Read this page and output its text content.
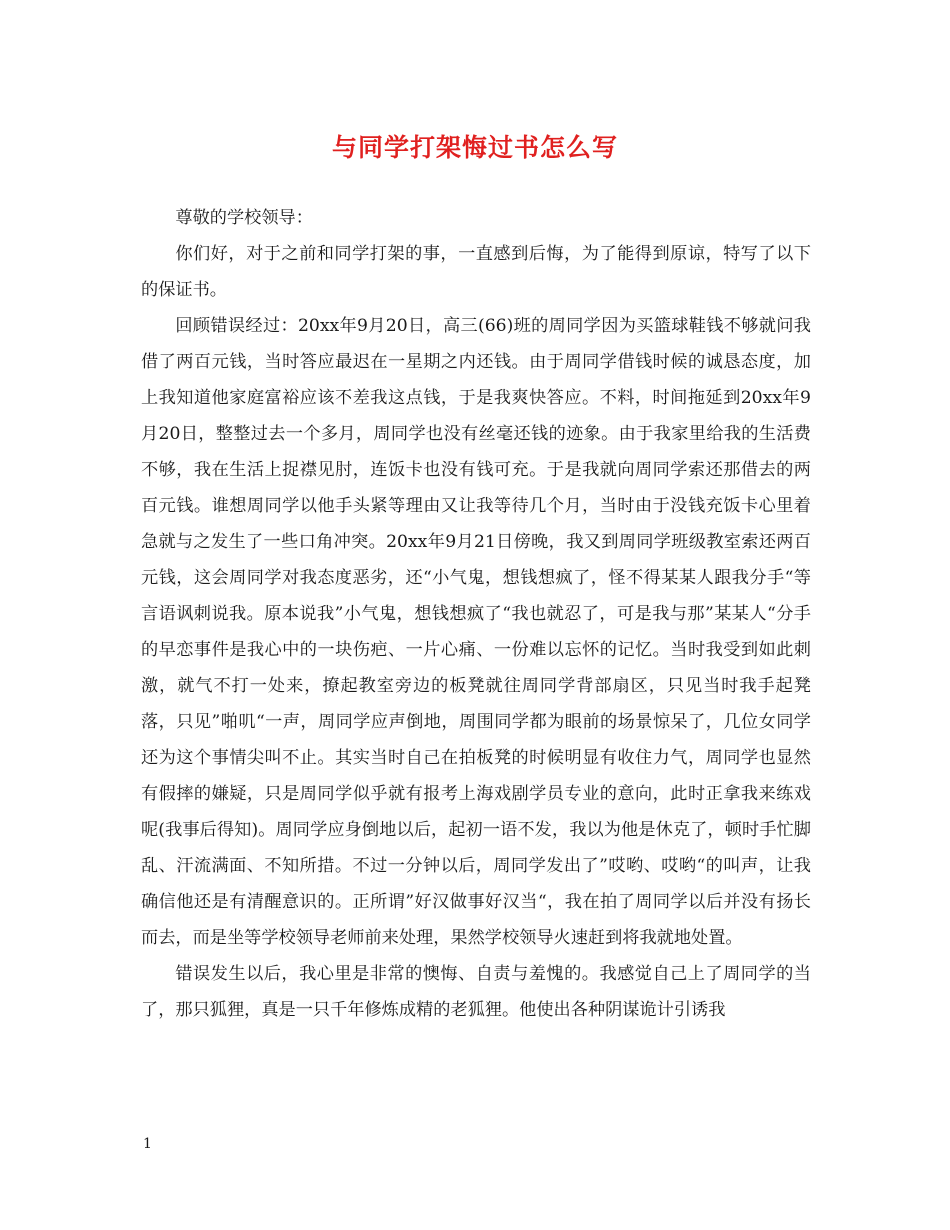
与同学打架悔过书怎么写

尊敬的学校领导：

你们好，对于之前和同学打架的事，一直感到后悔，为了能得到原谅，特写了以下的保证书。

回顾错误经过：20xx年9月20日，高三(66)班的周同学因为买篮球鞋钱不够就问我借了两百元钱，当时答应最迟在一星期之内还钱。由于周同学借钱时候的诚恳态度，加上我知道他家庭富裕应该不差我这点钱，于是我爽快答应。不料，时间拖延到20xx年9月20日，整整过去一个多月，周同学也没有丝毫还钱的迹象。由于我家里给我的生活费不够，我在生活上捉襟见肘，连饭卡也没有钱可充。于是我就向周同学索还那借去的两百元钱。谁想周同学以他手头紧等理由又让我等待几个月，当时由于没钱充饭卡心里着急就与之发生了一些口角冲突。20xx年9月21日傍晚，我又到周同学班级教室索还两百元钱，这会周同学对我态度恶劣，还“小气鬼，想钱想疯了，怪不得某某人跟我分手“等言语讽刺说我。原本说我”小气鬼，想钱想疯了“我也就忍了，可是我与那”某某人“分手的早恋事件是我心中的一块伤疤、一片心痛、一份难以忘怀的记忆。当时我受到如此刺激，就气不打一处来，撩起教室旁边的板凳就往周同学背部扇区，只见当时我手起凳落，只见”啪叽“一声，周同学应声倒地，周围同学都为眼前的场景惊呆了，几位女同学还为这个事情尖叫不止。其实当时自己在拍板凳的时候明显有收住力气，周同学也显然有假摔的嫌疑，只是周同学似乎就有报考上海戏剧学员专业的意向，此时正拿我来练戏呢(我事后得知)。周同学应身倒地以后，起初一语不发，我以为他是休克了，顿时手忙脚乱、汗流满面、不知所措。不过一分钟以后，周同学发出了”哎哟、哎哟“的叫声，让我确信他还是有清醒意识的。正所谓”好汉做事好汉当“，我在拍了周同学以后并没有扬长而去，而是坐等学校领导老师前来处理，果然学校领导火速赶到将我就地处置。

错误发生以后，我心里是非常的懊悔、自责与羞愧的。我感觉自己上了周同学的当了，那只狐狸，真是一只千年修炼成精的老狐狸。他使出各种阴谋诡计引诱我

1
